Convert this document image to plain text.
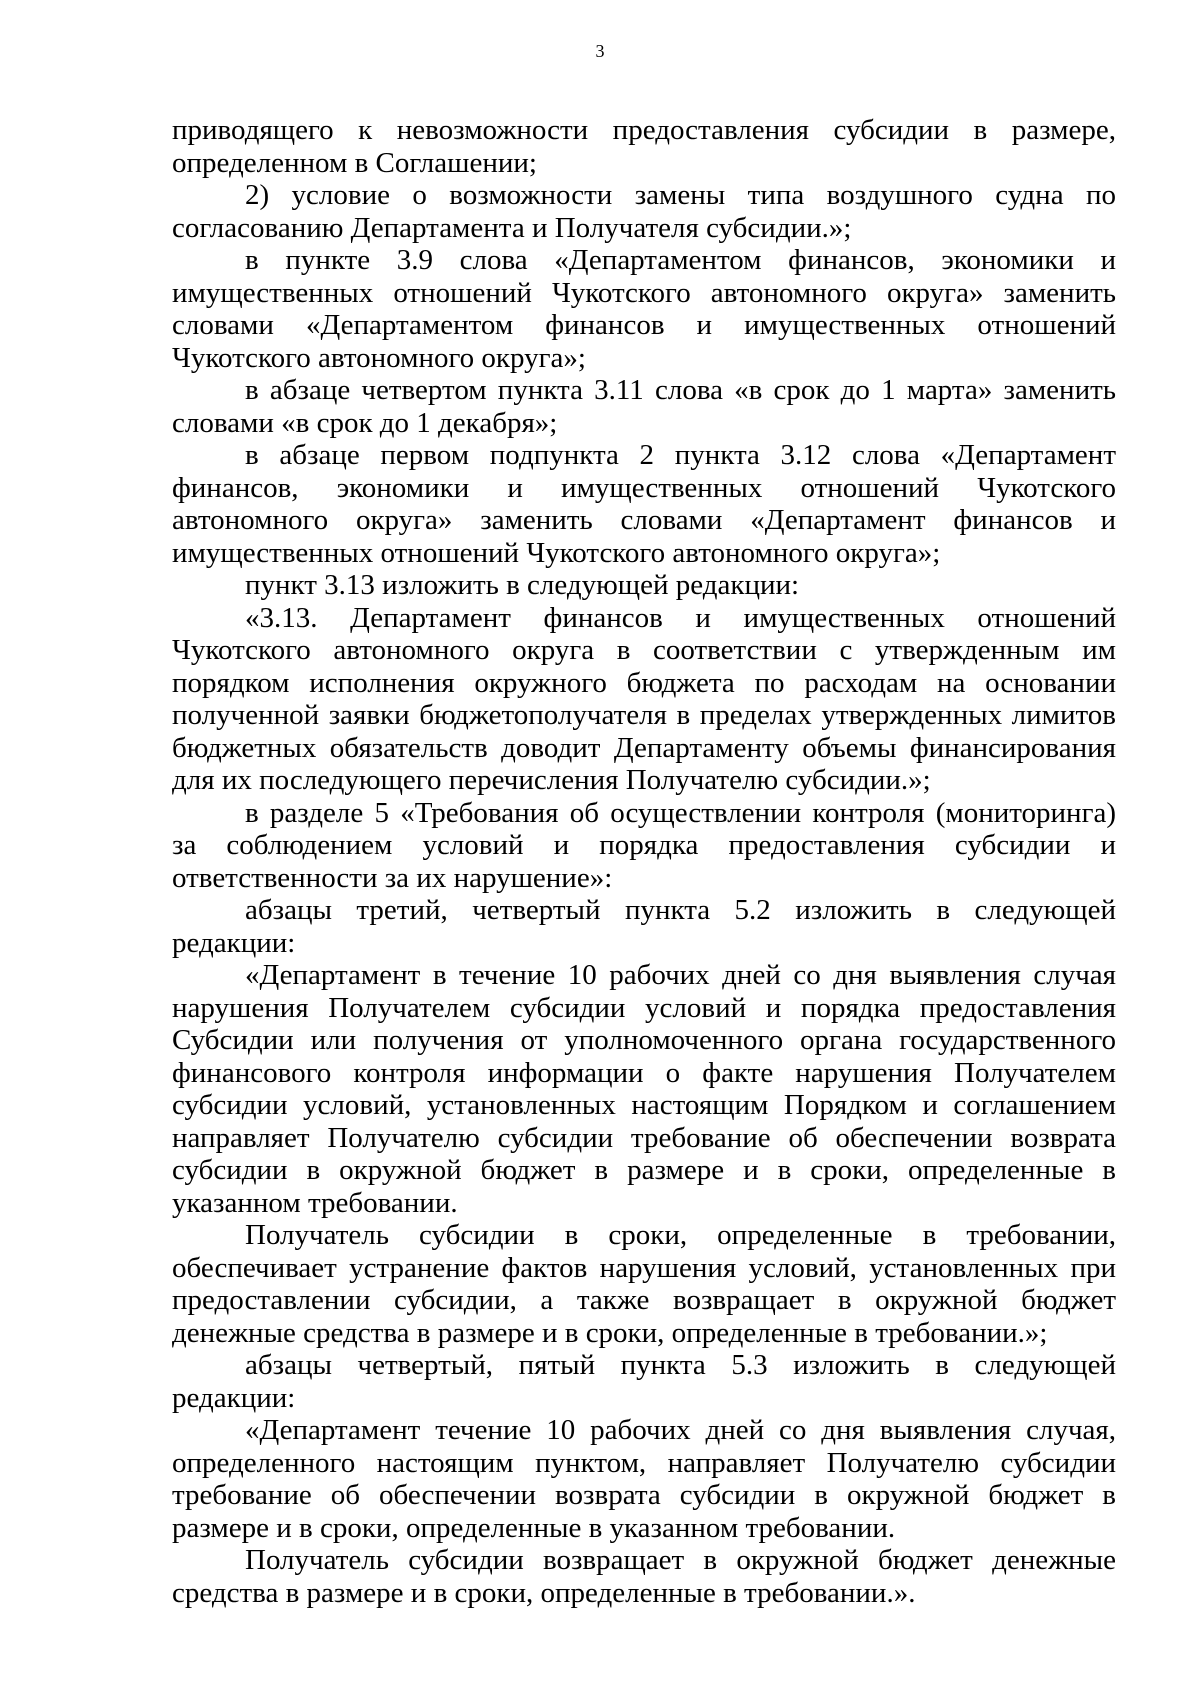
3

приводящего к невозможности предоставления субсидии в размере, определенном в Соглашении;

2) условие о возможности замены типа воздушного судна по согласованию Департамента и Получателя субсидии.»;

в пункте 3.9 слова «Департаментом финансов, экономики и имущественных отношений Чукотского автономного округа» заменить словами «Департаментом финансов и имущественных отношений Чукотского автономного округа»;

в абзаце четвертом пункта 3.11 слова «в срок до 1 марта» заменить словами «в срок до 1 декабря»;

в абзаце первом подпункта 2 пункта 3.12 слова «Департамент финансов, экономики и имущественных отношений Чукотского автономного округа» заменить словами «Департамент финансов и имущественных отношений Чукотского автономного округа»;

пункт 3.13 изложить в следующей редакции:

«3.13. Департамент финансов и имущественных отношений Чукотского автономного округа в соответствии с утвержденным им порядком исполнения окружного бюджета по расходам на основании полученной заявки бюджетополучателя в пределах утвержденных лимитов бюджетных обязательств доводит Департаменту объемы финансирования для их последующего перечисления Получателю субсидии.»;

в разделе 5 «Требования об осуществлении контроля (мониторинга) за соблюдением условий и порядка предоставления субсидии и ответственности за их нарушение»:

абзацы третий, четвертый пункта 5.2 изложить в следующей редакции:

«Департамент в течение 10 рабочих дней со дня выявления случая нарушения Получателем субсидии условий и порядка предоставления Субсидии или получения от уполномоченного органа государственного финансового контроля информации о факте нарушения Получателем субсидии условий, установленных настоящим Порядком и соглашением направляет Получателю субсидии требование об обеспечении возврата субсидии в окружной бюджет в размере и в сроки, определенные в указанном требовании.

Получатель субсидии в сроки, определенные в требовании, обеспечивает устранение фактов нарушения условий, установленных при предоставлении субсидии, а также возвращает в окружной бюджет денежные средства в размере и в сроки, определенные в требовании.»;

абзацы четвертый, пятый пункта 5.3 изложить в следующей редакции:

«Департамент течение 10 рабочих дней со дня выявления случая, определенного настоящим пунктом, направляет Получателю субсидии требование об обеспечении возврата субсидии в окружной бюджет в размере и в сроки, определенные в указанном требовании.

Получатель субсидии возвращает в окружной бюджет денежные средства в размере и в сроки, определенные в требовании.».
